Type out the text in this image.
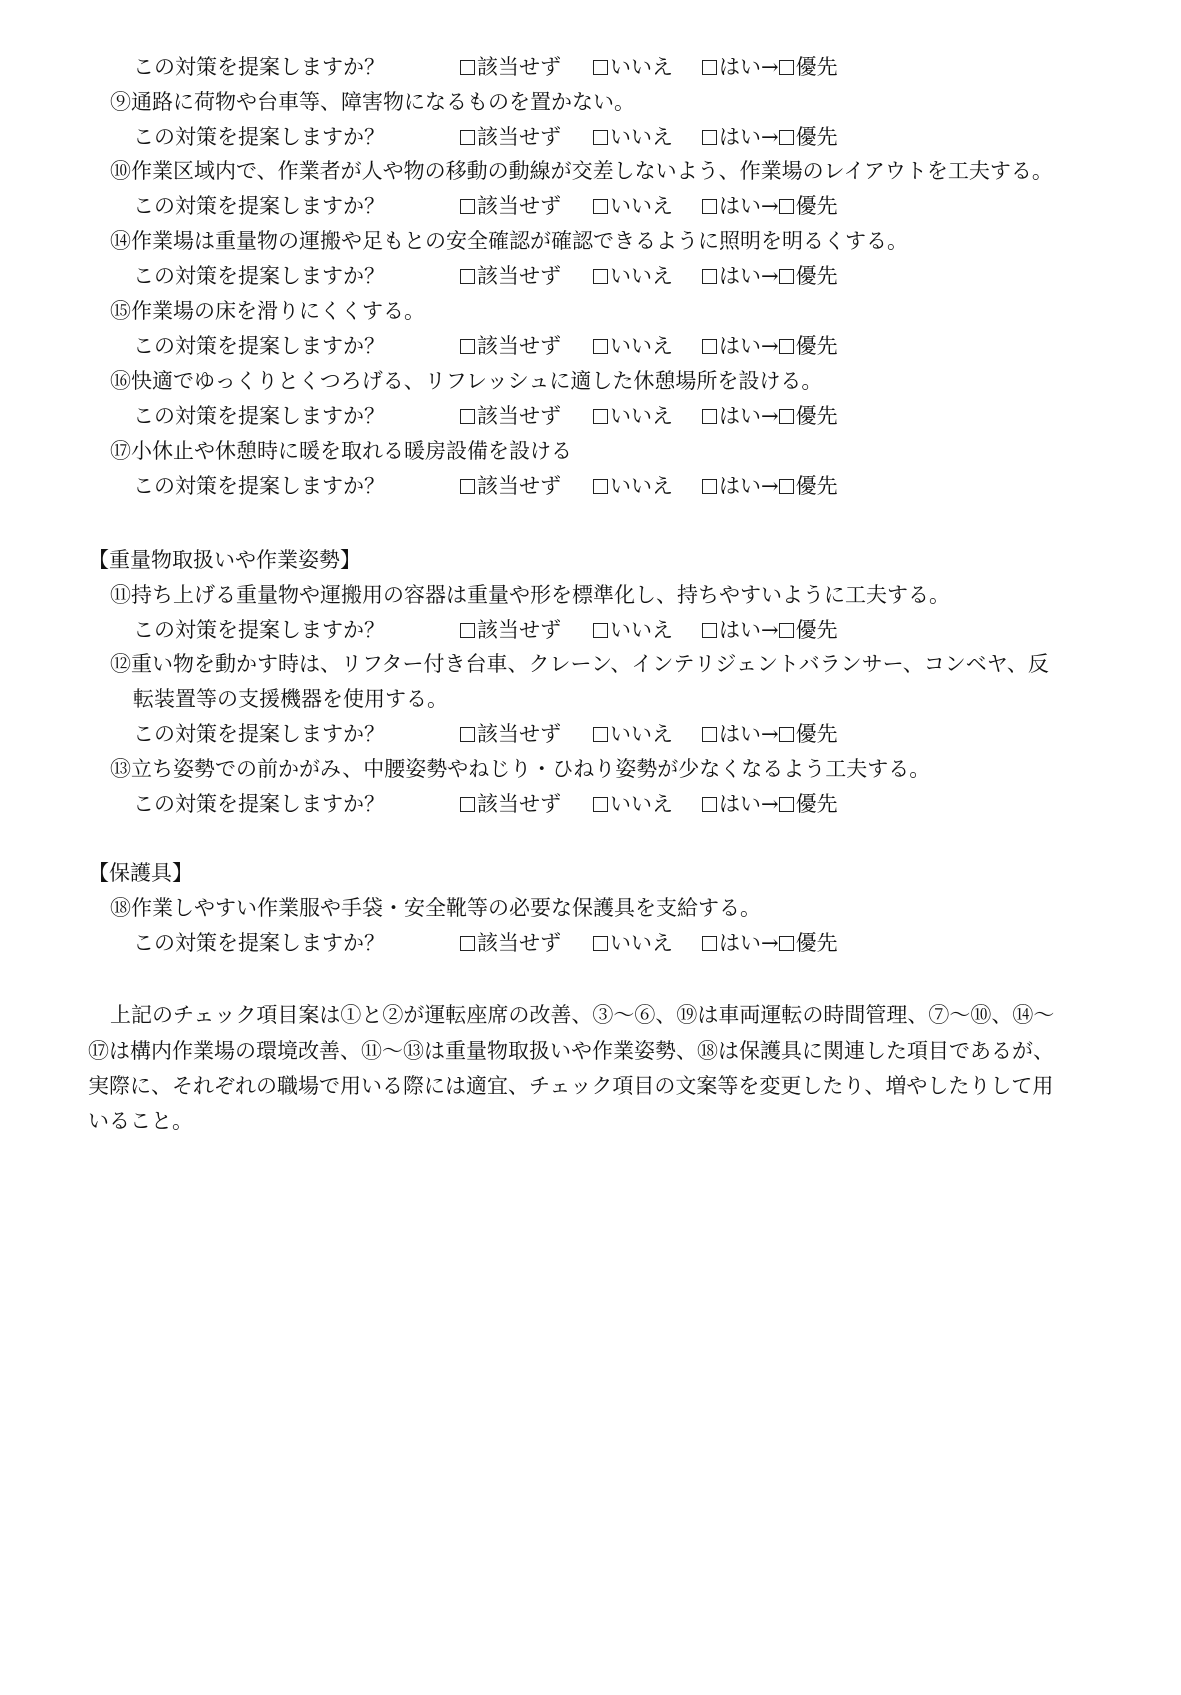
この対策を提案しますか？	該当せず	いいえ	はい→ 優先
⑨通路に荷物や台車等、障害物になるものを置かない。
この対策を提案しますか？	該当せず	いいえ	はい→ 優先
⑩作業区域内で、作業者が人や物の移動の動線が交差しないよう、作業場のレイアウトを工夫する。
この対策を提案しますか？	該当せず	いいえ	はい→ 優先
⑭作業場は重量物の運搬や足もとの安全確認が確認できるように照明を明るくする。
この対策を提案しますか？	該当せず	いいえ	はい→ 優先
⑮作業場の床を滑りにくくする。
この対策を提案しますか？	該当せず	いいえ	はい→ 優先
⑯快適でゆっくりとくつろげる、リフレッシュに適した休憩場所を設ける。
この対策を提案しますか？	該当せず	いいえ	はい→ 優先
⑰小休止や休憩時に暖を取れる暖房設備を設ける
この対策を提案しますか？	該当せず	いいえ	はい→ 優先
【重量物取扱いや作業姿勢】
⑪持ち上げる重量物や運搬用の容器は重量や形を標準化し、持ちやすいように工夫する。
この対策を提案しますか？	該当せず	いいえ	はい→ 優先
⑫重い物を動かす時は、リフター付き台車、クレーン、インテリジェントバランサー、コンベヤ、反
転装置等の支援機器を使用する。
この対策を提案しますか？	該当せず	いいえ	はい→ 優先
⑬立ち姿勢での前かがみ、中腰姿勢やねじり・ひねり姿勢が少なくなるよう工夫する。
この対策を提案しますか？	該当せず	いいえ	はい→ 優先
【保護具】
⑱作業しやすい作業服や手袋・安全靴等の必要な保護具を支給する。
この対策を提案しますか？	該当せず	いいえ	はい→ 優先
上記のチェック項目案は①と②が運転座席の改善、③～⑥、⑲は車両運転の時間管理、⑦～⑩、⑭～
⑰は構内作業場の環境改善、⑪～⑬は重量物取扱いや作業姿勢、⑱は保護具に関連した項目であるが、
実際に、それぞれの職場で用いる際には適宜、チェック項目の文案等を変更したり、増やしたりして用
いること。
